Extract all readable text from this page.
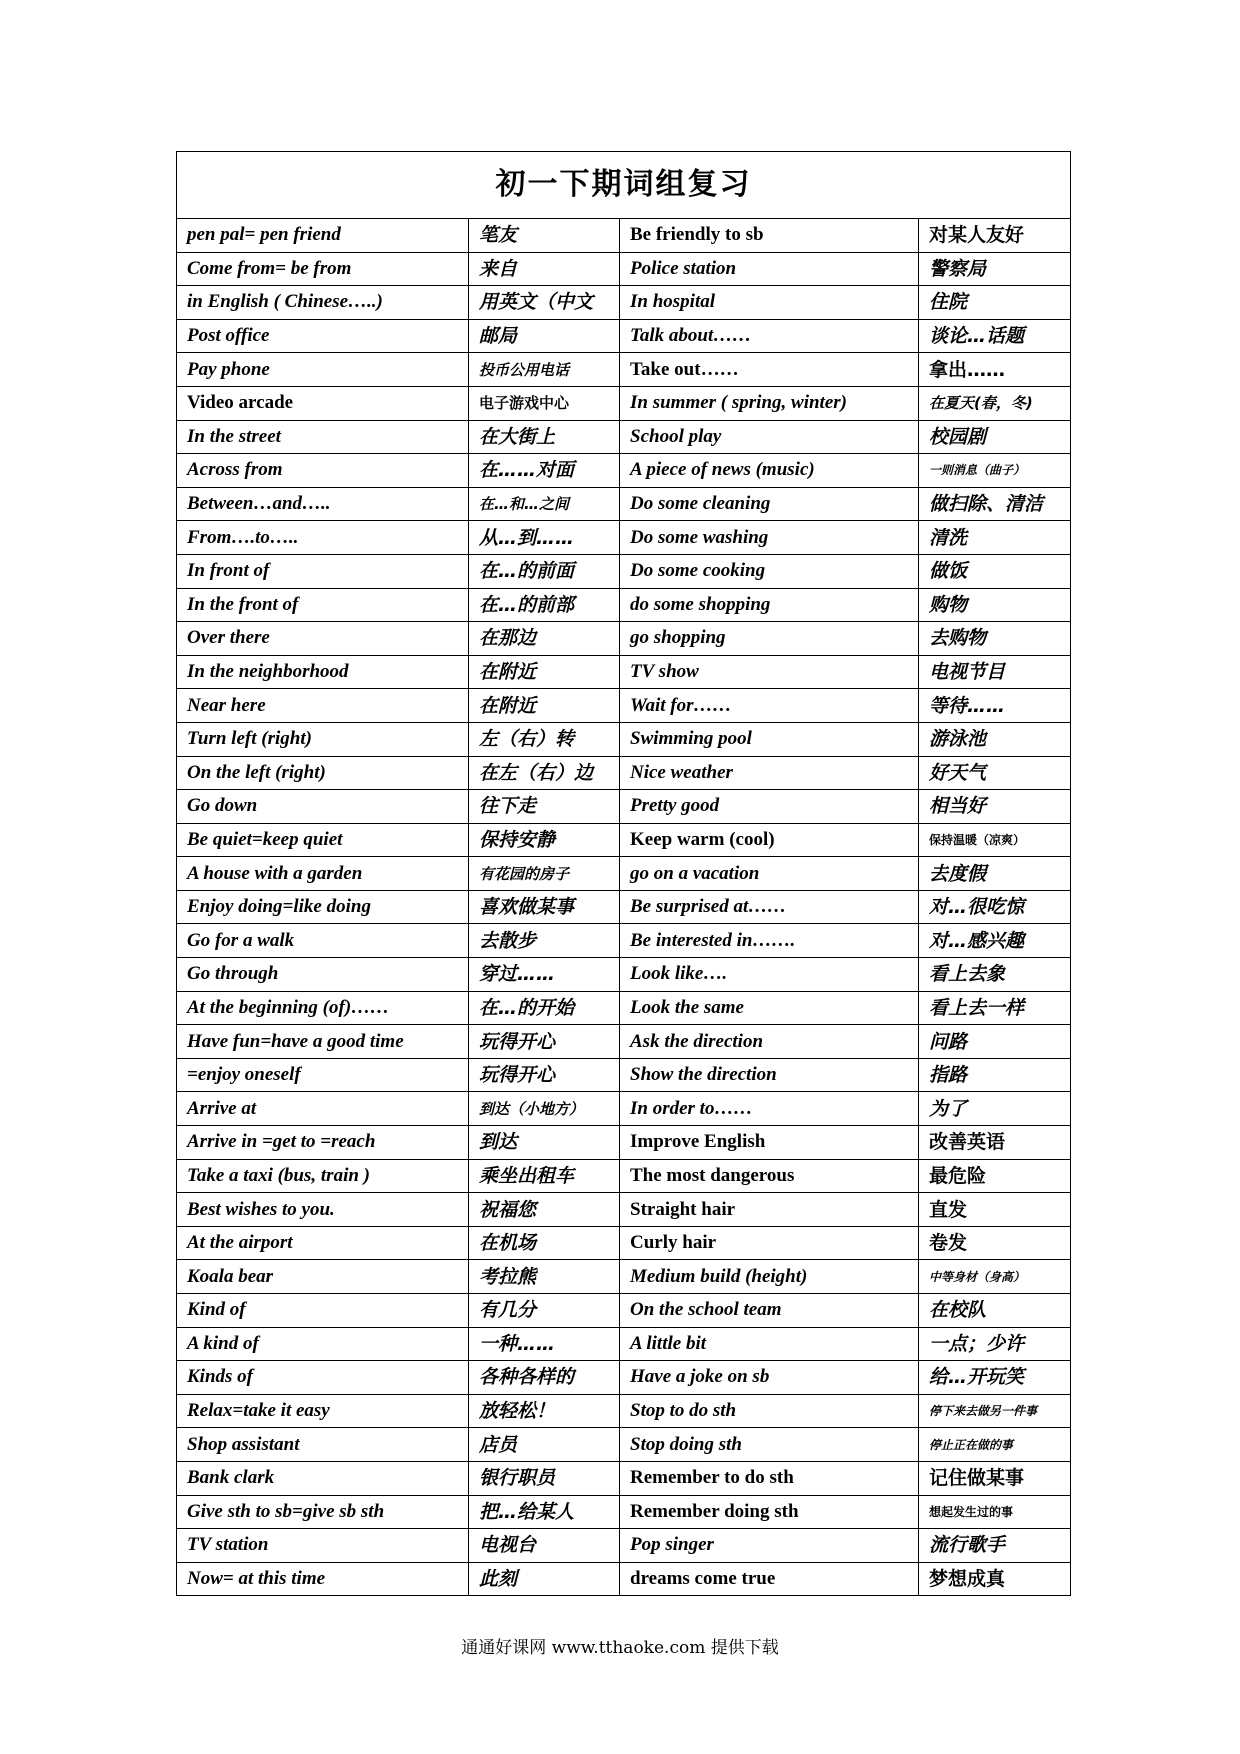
初一下期词组复习			
pen pal= pen friend	笔友	Be friendly to sb	对某人友好
Come from= be from	来自	Police station	警察局
in English ( Chinese…..)	用英文（中文	In hospital	住院
Post office	邮局	Talk about……	谈论…话题
Pay phone	投币公用电话	Take out……	拿出……
Video arcade	电子游戏中心	In summer ( spring, winter)	在夏天(春，冬)
In the street	在大街上	School play	校园剧
Across from	在……对面	A piece of news (music)	一则消息（曲子）
Between…and…..	在…和…之间	Do some cleaning	做扫除、清洁
From….to…..	从…到……	Do some washing	清洗
In front of	在…的前面	Do some cooking	做饭
In the front of	在…的前部	do some shopping	购物
Over there	在那边	go shopping	去购物
In the neighborhood	在附近	TV show	电视节目
Near here	在附近	Wait for……	等待……
Turn left (right)	左（右）转	Swimming pool	游泳池
On the left (right)	在左（右）边	Nice weather	好天气
Go down	往下走	Pretty good	相当好
Be quiet=keep quiet	保持安静	Keep warm (cool)	保持温暖（凉爽）
A house with a garden	有花园的房子	go on a vacation	去度假
Enjoy doing=like doing	喜欢做某事	Be surprised at……	对…很吃惊
Go for a walk	去散步	Be interested in…….	对…感兴趣
Go through	穿过……	Look like….	看上去象
At the beginning (of)……	在…的开始	Look the same	看上去一样
Have fun=have a good time	玩得开心	Ask the direction	问路
=enjoy oneself	玩得开心	Show the direction	指路
Arrive at	到达（小地方）	In order to……	为了
Arrive in =get to =reach	到达	Improve English	改善英语
Take a taxi (bus, train )	乘坐出租车	The most dangerous	最危险
Best wishes to you.	祝福您	Straight hair	直发
At the airport	在机场	Curly hair	卷发
Koala bear	考拉熊	Medium build (height)	中等身材（身高）
Kind of	有几分	On the school team	在校队
A kind of	一种……	A little bit	一点；少许
Kinds of	各种各样的	Have a joke on sb	给…开玩笑
Relax=take it easy	放轻松！	Stop to do sth	停下来去做另一件事
Shop assistant	店员	Stop doing sth	停止正在做的事
Bank clark	银行职员	Remember to do sth	记住做某事
Give sth to sb=give sb sth	把…给某人	Remember doing sth	想起发生过的事
TV station	电视台	Pop singer	流行歌手
Now= at this time	此刻	dreams come true	梦想成真
通通好课网 www.tthaoke.com 提供下载
